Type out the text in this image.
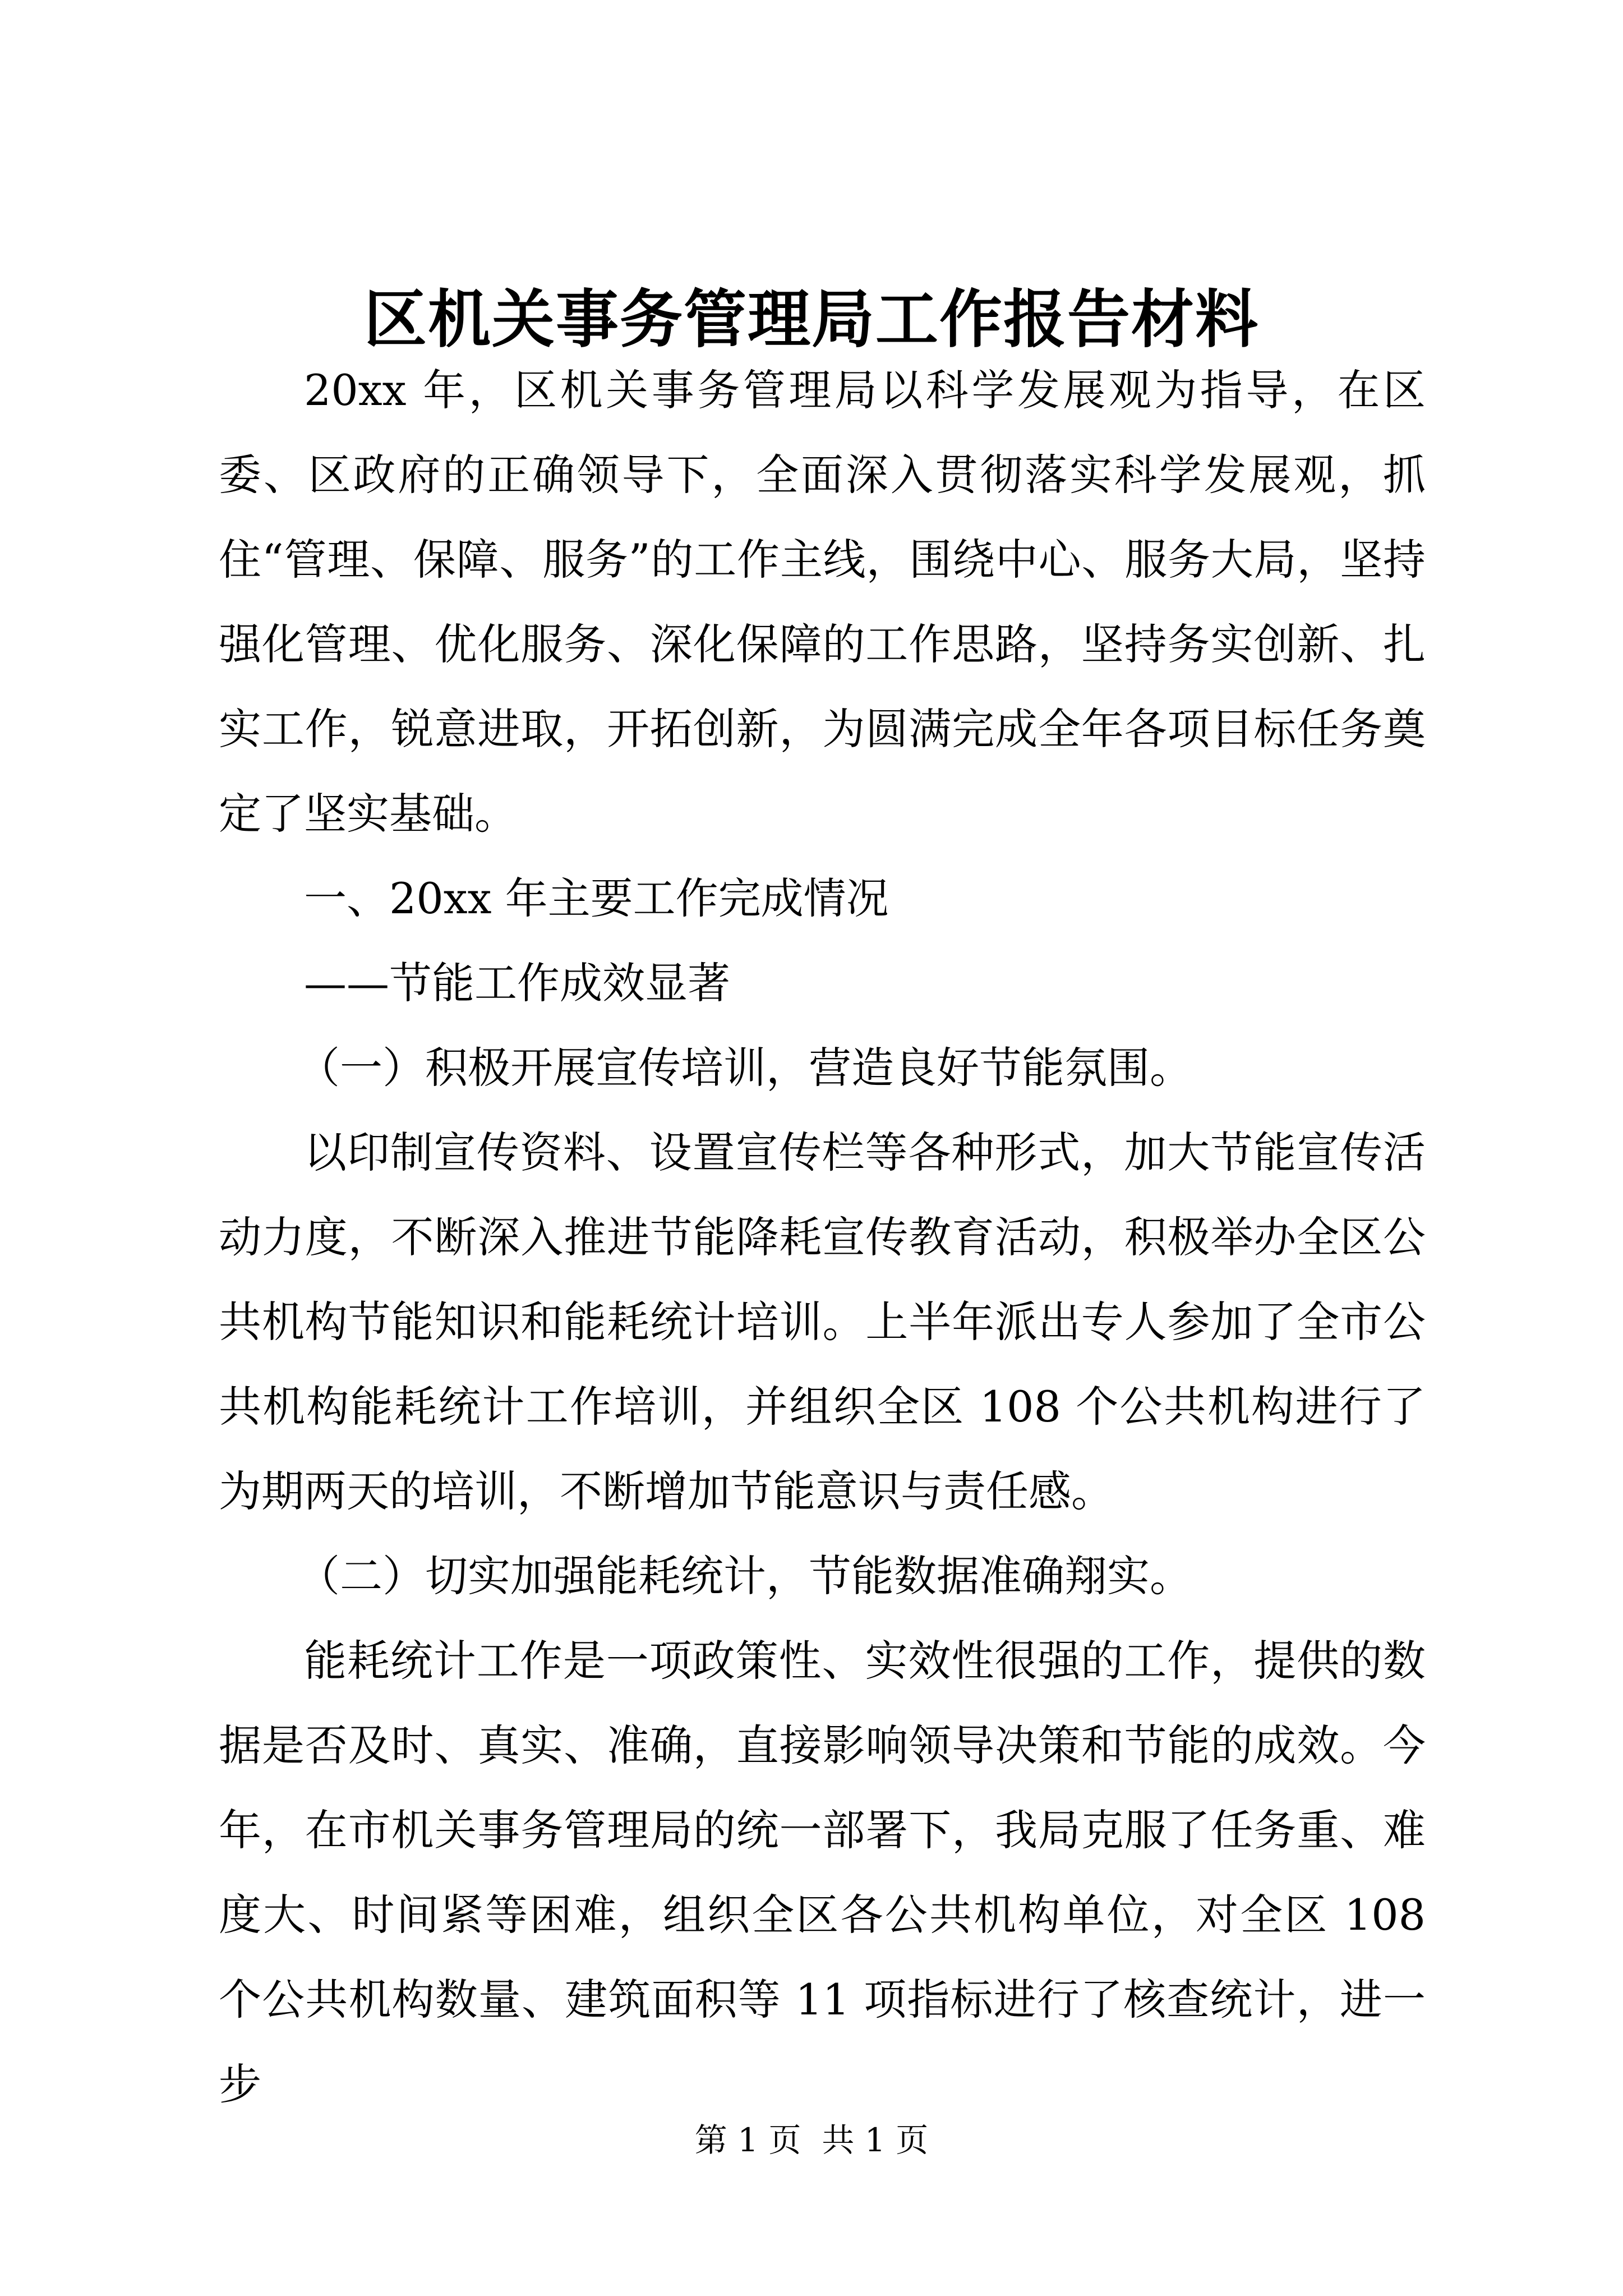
区机关事务管理局工作报告材料

20xx 年，区机关事务管理局以科学发展观为指导，在区委、区政府的正确领导下，全面深入贯彻落实科学发展观，抓住“管理、保障、服务”的工作主线，围绕中心、服务大局，坚持强化管理、优化服务、深化保障的工作思路，坚持务实创新、扎实工作，锐意进取，开拓创新，为圆满完成全年各项目标任务奠定了坚实基础。

一、20xx 年主要工作完成情况

——节能工作成效显著

（一）积极开展宣传培训，营造良好节能氛围。

以印制宣传资料、设置宣传栏等各种形式，加大节能宣传活动力度，不断深入推进节能降耗宣传教育活动，积极举办全区公共机构节能知识和能耗统计培训。上半年派出专人参加了全市公共机构能耗统计工作培训，并组织全区 108 个公共机构进行了为期两天的培训，不断增加节能意识与责任感。

（二）切实加强能耗统计，节能数据准确翔实。

能耗统计工作是一项政策性、实效性很强的工作，提供的数据是否及时、真实、准确，直接影响领导决策和节能的成效。今年，在市机关事务管理局的统一部署下，我局克服了任务重、难度大、时间紧等困难，组织全区各公共机构单位，对全区 108 个公共机构数量、建筑面积等 11 项指标进行了核查统计，进一步

第 1 页  共 1 页
